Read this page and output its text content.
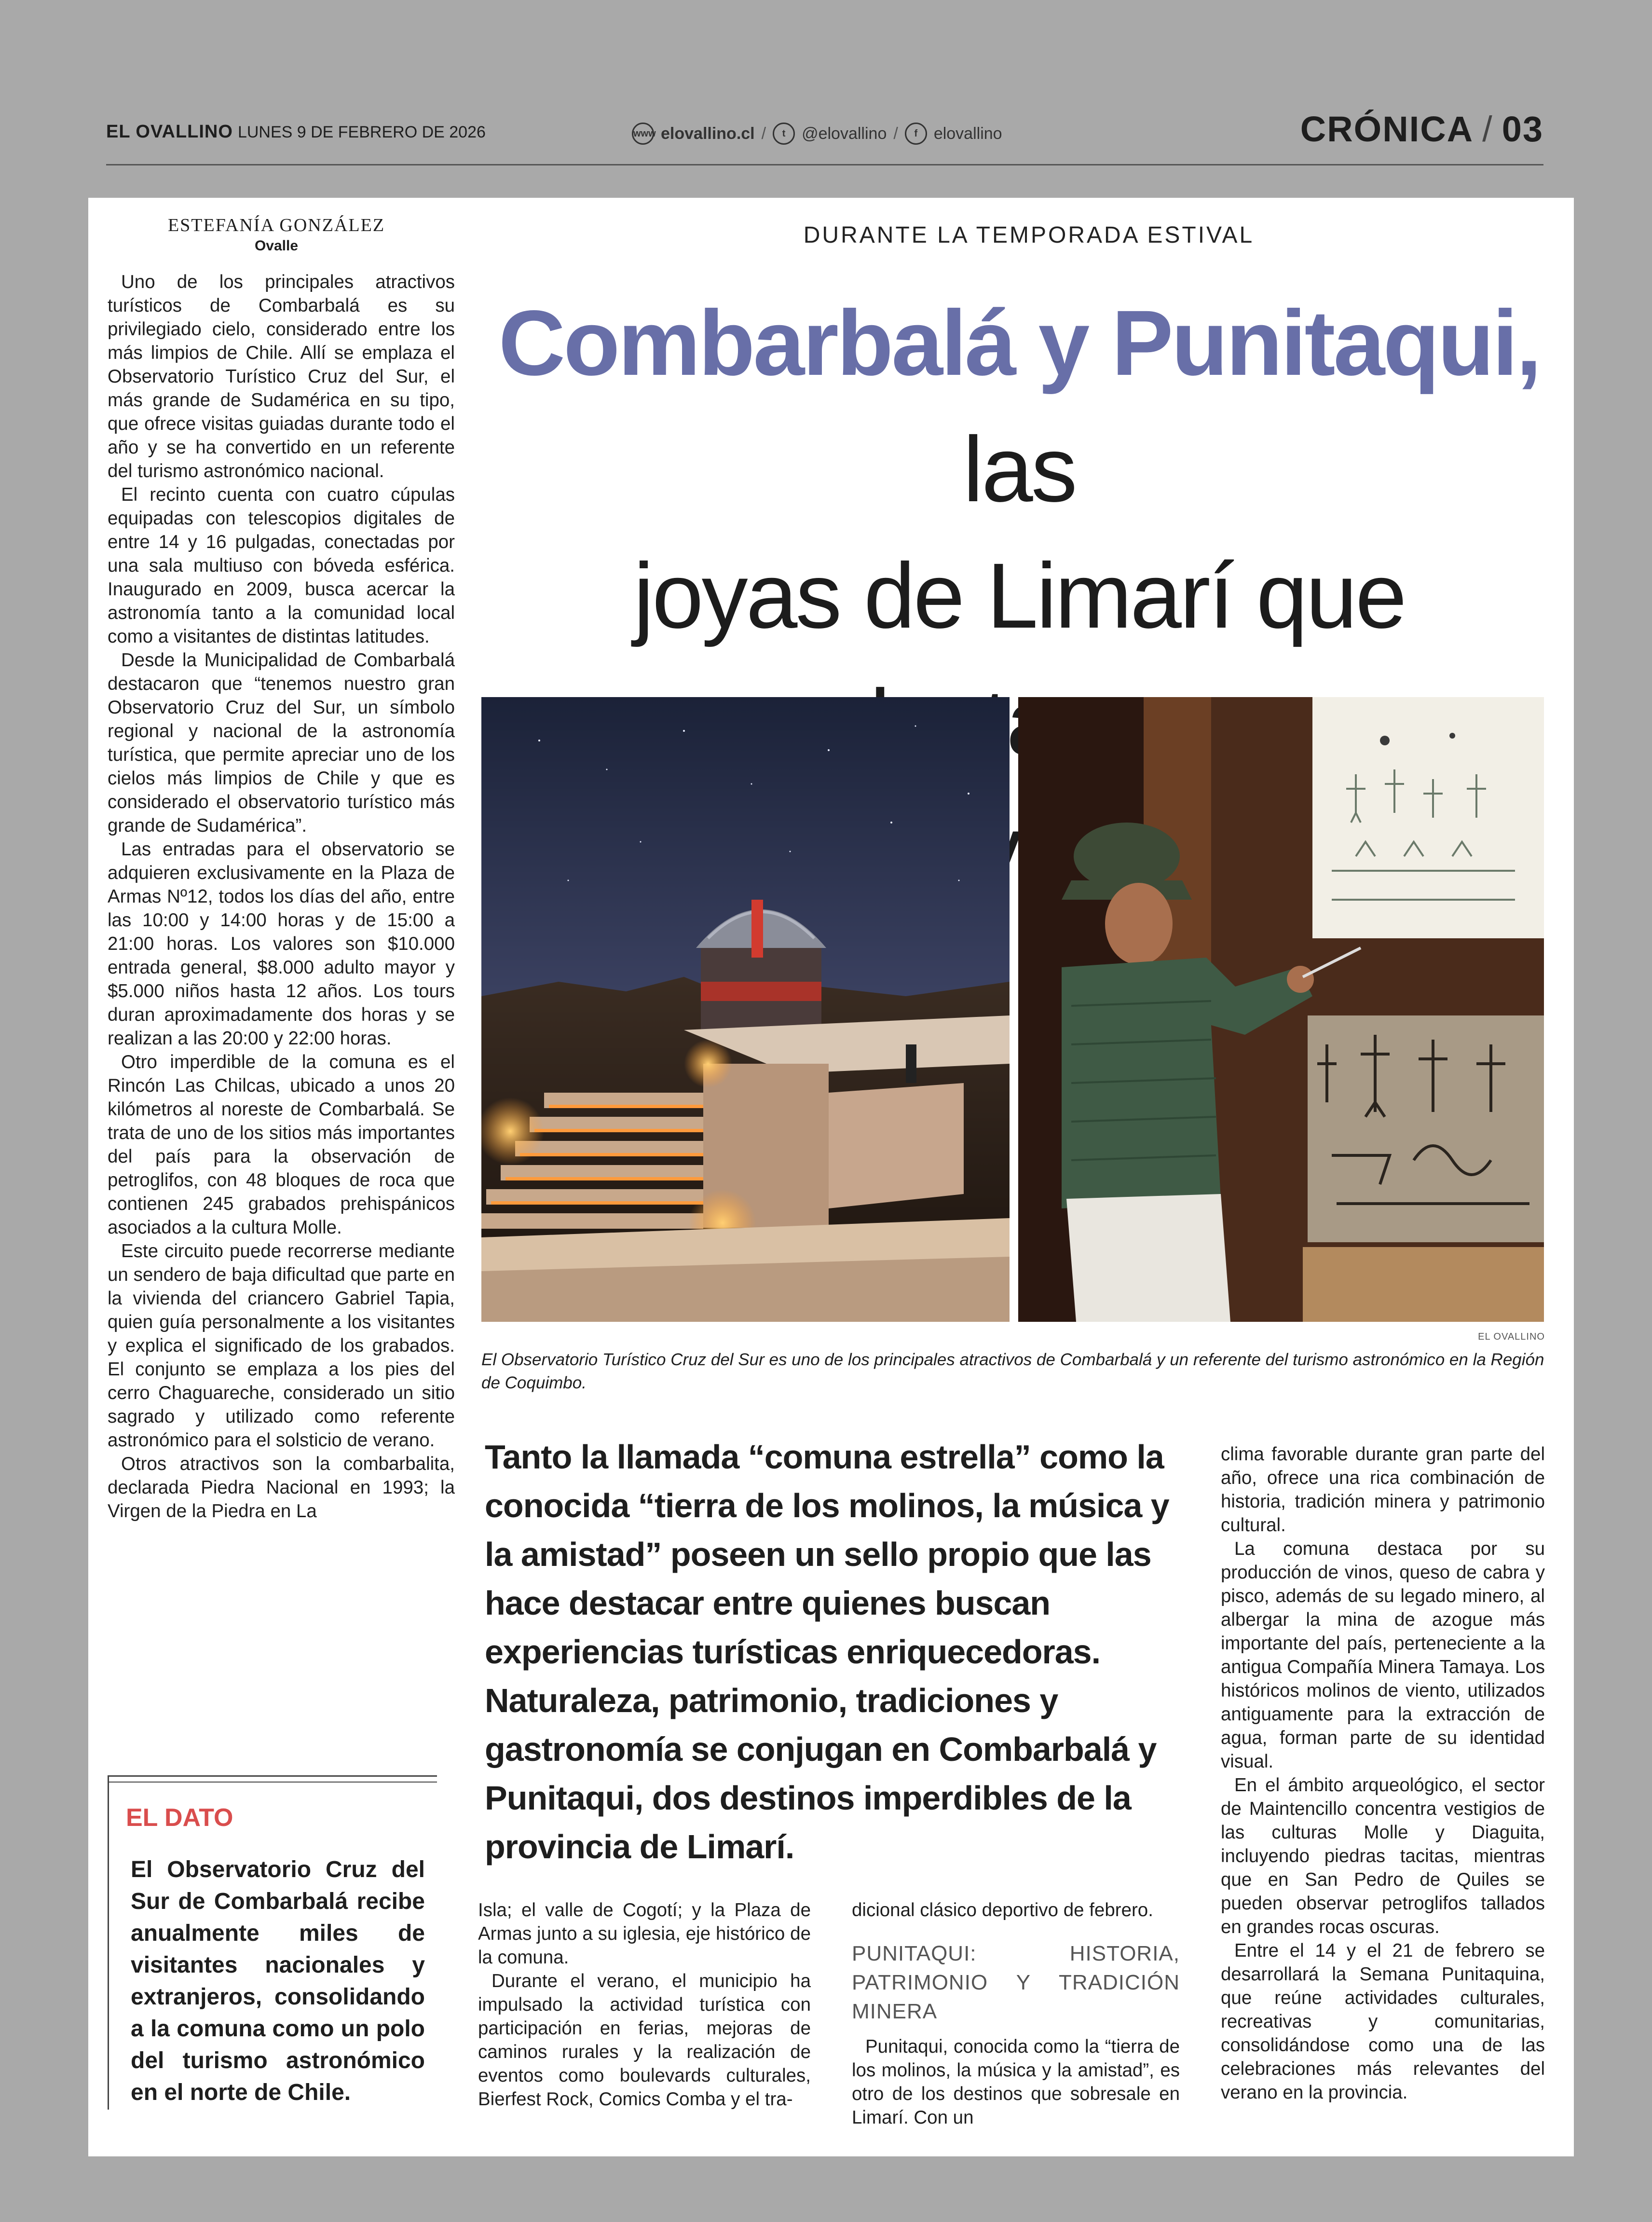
EL OVALLINO LUNES 9 DE FEBRERO DE 2026	www elovallino.cl /	t @elovallino /	f elovallino	CRÓNICA / 03
ESTEFANÍA GONZÁLEZ
Ovalle

Uno de los principales atractivos turísticos de Combarbalá es su privilegiado cielo, considerado entre los más limpios de Chile. Allí se emplaza el Observatorio Turístico Cruz del Sur, el más grande de Sudamérica en su tipo, que ofrece visitas guiadas durante todo el año y se ha convertido en un referente del turismo astronómico nacional.

El recinto cuenta con cuatro cúpulas equipadas con telescopios digitales de entre 14 y 16 pulgadas, conectadas por una sala multiuso con bóveda esférica. Inaugurado en 2009, busca acercar la astronomía tanto a la comunidad local como a visitantes de distintas latitudes.

Desde la Municipalidad de Combarbalá destacaron que “tenemos nuestro gran Observatorio Cruz del Sur, un símbolo regional y nacional de la astronomía turística, que permite apreciar uno de los cielos más limpios de Chile y que es considerado el observatorio turístico más grande de Sudamérica”.

Las entradas para el observatorio se adquieren exclusivamente en la Plaza de Armas Nº12, todos los días del año, entre las 10:00 y 14:00 horas y de 15:00 a 21:00 horas. Los valores son $10.000 entrada general, $8.000 adulto mayor y $5.000 niños hasta 12 años. Los tours duran aproximadamente dos horas y se realizan a las 20:00 y 22:00 horas.

Otro imperdible de la comuna es el Rincón Las Chilcas, ubicado a unos 20 kilómetros al noreste de Combarbalá. Se trata de uno de los sitios más importantes del país para la observación de petroglifos, con 48 bloques de roca que contienen 245 grabados prehispánicos asociados a la cultura Molle.

Este circuito puede recorrerse mediante un sendero de baja dificultad que parte en la vivienda del criancero Gabriel Tapia, quien guía personalmente a los visitantes y explica el significado de los grabados. El conjunto se emplaza a los pies del cerro Chaguareche, considerado un sitio sagrado y utilizado como referente astronómico para el solsticio de verano.

Otros atractivos son la combarbalita, declarada Piedra Nacional en 1993; la Virgen de la Piedra en La

EL DATO

El Observatorio Cruz del Sur de Combarbalá recibe anualmente miles de visitantes nacionales y extranjeros, consolidando a la comuna como un polo del turismo astronómico en el norte de Chile.

DURANTE LA TEMPORADA ESTIVAL
Combarbalá y Punitaqui, las
joyas de Limarí que

EL OVALLINO
El Observatorio Turístico Cruz del Sur es uno de los principales atractivos de Combarbalá y un referente del turismo astronómico en la Región de Coquimbo.
Tanto la llamada “comuna estrella” como la conocida “tierra de los molinos, la música y la amistad” poseen un sello propio que las hace destacar entre quienes buscan experiencias turísticas enriquecedoras. Naturaleza, patrimonio, tradiciones y gastronomía se conjugan en Combarbalá y Punitaqui, dos destinos imperdibles de la provincia de Limarí.

Isla; el valle de Cogotí; y la Plaza de Armas junto a su iglesia, eje histórico de la comuna.

Durante el verano, el municipio ha impulsado la actividad turística con participación en ferias, mejoras de caminos rurales y la realización de eventos como boulevards culturales, Bierfest Rock, Comics Comba y el tra-

dicional clásico deportivo de febrero.

PUNITAQUI: HISTORIA, PATRIMONIO Y TRADICIÓN MINERA

Punitaqui, conocida como la “tierra de los molinos, la música y la amistad”, es otro de los destinos que sobresale en Limarí. Con un

clima favorable durante gran parte del año, ofrece una rica combinación de historia, tradición minera y patrimonio cultural.

La comuna destaca por su producción de vinos, queso de cabra y pisco, además de su legado minero, al albergar la mina de azogue más importante del país, perteneciente a la antigua Compañía Minera Tamaya. Los históricos molinos de viento, utilizados antiguamente para la extracción de agua, forman parte de su identidad visual.

En el ámbito arqueológico, el sector de Maintencillo concentra vestigios de las culturas Molle y Diaguita, incluyendo piedras tacitas, mientras que en San Pedro de Quiles se pueden observar petroglifos tallados en grandes rocas oscuras.

Entre el 14 y el 21 de febrero se desarrollará la Semana Punitaquina, que reúne actividades culturales, recreativas y comunitarias, consolidándose como una de las celebraciones más relevantes del verano en la provincia.
